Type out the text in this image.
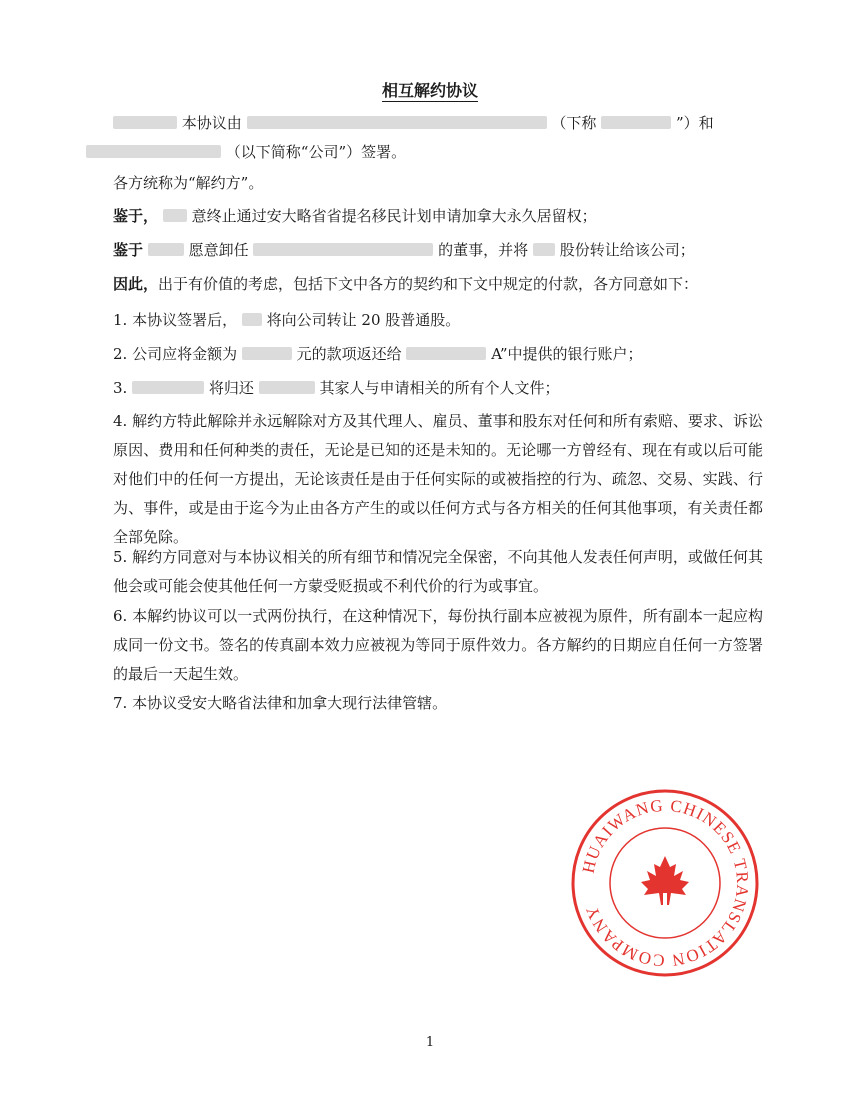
相互解约协议
本协议由	（下称	”）和
（以下简称“公司”）签署。
各方统称为“解约方”。
鉴于， 意终止通过安大略省省提名移民计划申请加拿大永久居留权；
鉴于	愿意卸任	的董事，并将 股份转让给该公司；
因此，出于有价值的考虑，包括下文中各方的契约和下文中规定的付款，各方同意如下：
1. 本协议签署后， 将向公司转让 20 股普通股。
2. 公司应将金额为	元的款项返还给	A”中提供的银行账户；
3.	将归还	其家人与申请相关的所有个人文件；
4. 解约方特此解除并永远解除对方及其代理人、雇员、董事和股东对任何和所有索赔、要求、诉讼原因、费用和任何种类的责任，无论是已知的还是未知的。无论哪一方曾经有、现在有或以后可能对他们中的任何一方提出，无论该责任是由于任何实际的或被指控的行为、疏忽、交易、实践、行为、事件，或是由于迄今为止由各方产生的或以任何方式与各方相关的任何其他事项，有关责任都全部免除。
5. 解约方同意对与本协议相关的所有细节和情况完全保密，不向其他人发表任何声明，或做任何其他会或可能会使其他任何一方蒙受贬损或不利代价的行为或事宜。
6. 本解约协议可以一式两份执行，在这种情况下，每份执行副本应被视为原件，所有副本一起应构成同一份文书。签名的传真副本效力应被视为等同于原件效力。各方解约的日期应自任何一方签署的最后一天起生效。
7. 本协议受安大略省法律和加拿大现行法律管辖。
HUAIWANG CHINESE TRANSLATION COMPANY
1
